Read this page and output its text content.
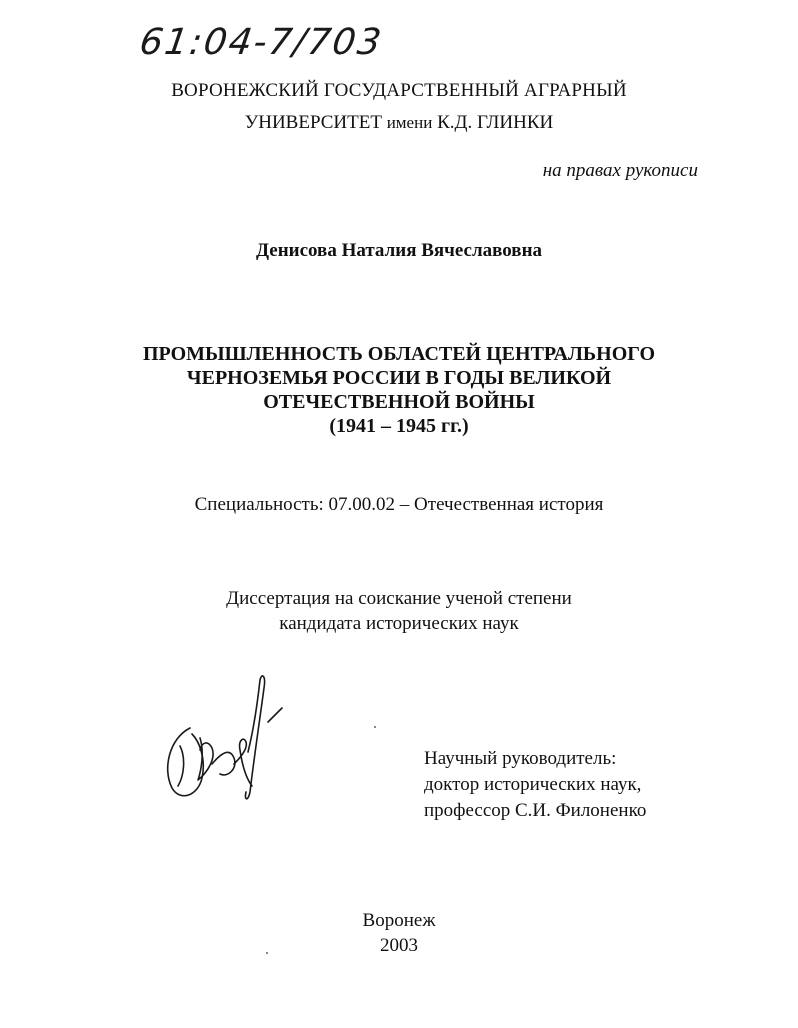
61:04-7/703
ВОРОНЕЖСКИЙ ГОСУДАРСТВЕННЫЙ АГРАРНЫЙ
УНИВЕРСИТЕТ имени К.Д. ГЛИНКИ
на правах рукописи
Денисова Наталия Вячеславовна
ПРОМЫШЛЕННОСТЬ ОБЛАСТЕЙ ЦЕНТРАЛЬНОГО
ЧЕРНОЗЕМЬЯ РОССИИ В ГОДЫ ВЕЛИКОЙ
ОТЕЧЕСТВЕННОЙ ВОЙНЫ
(1941 – 1945 гг.)
Специальность: 07.00.02 – Отечественная история
Диссертация на соискание ученой степени
кандидата исторических наук
Научный руководитель:
доктор исторических наук,
профессор С.И. Филоненко
Воронеж
2003
